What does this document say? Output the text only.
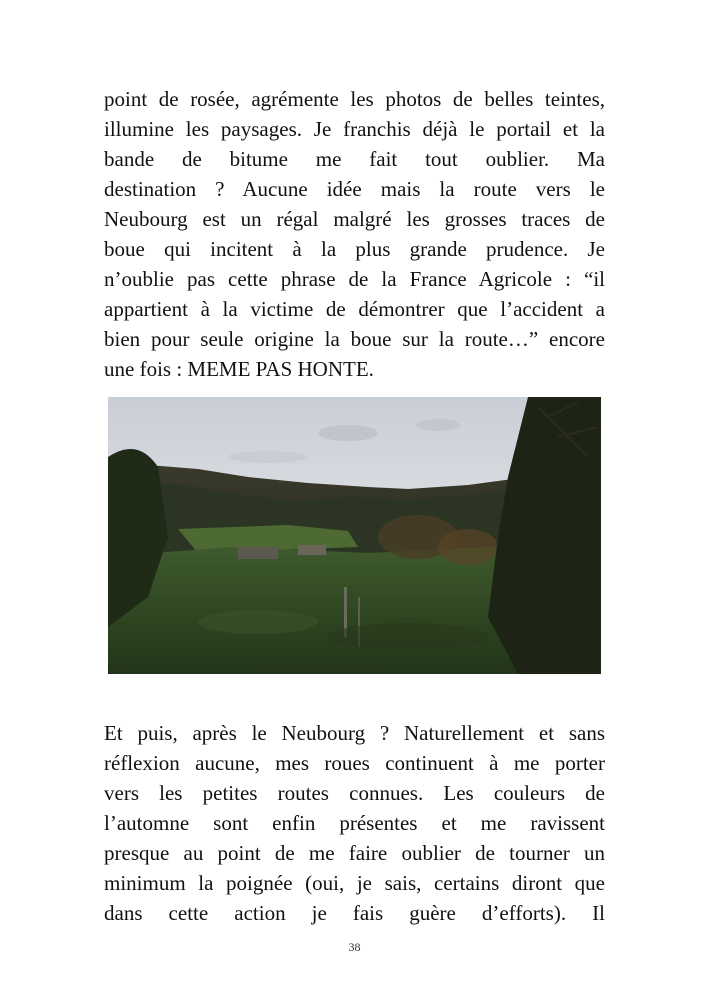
point de rosée, agrémente les photos de belles teintes,
illumine les paysages. Je franchis déjà le portail et la
bande de bitume me fait tout oublier. Ma
destination ? Aucune idée mais la route vers le
Neubourg est un régal malgré les grosses traces de
boue qui incitent à la plus grande prudence. Je
n’oublie pas cette phrase de la France Agricole : “il
appartient à la victime de démontrer que l’accident a
bien pour seule origine la boue sur la route…” encore
une fois : MEME PAS HONTE.

Et puis, après le Neubourg ? Naturellement et sans
réflexion aucune, mes roues continuent à me porter
vers les petites routes connues. Les couleurs de
l’automne sont enfin présentes et me ravissent
presque au point de me faire oublier de tourner un
minimum la poignée (oui, je sais, certains diront que
dans cette action je fais guère d’efforts). Il

38
